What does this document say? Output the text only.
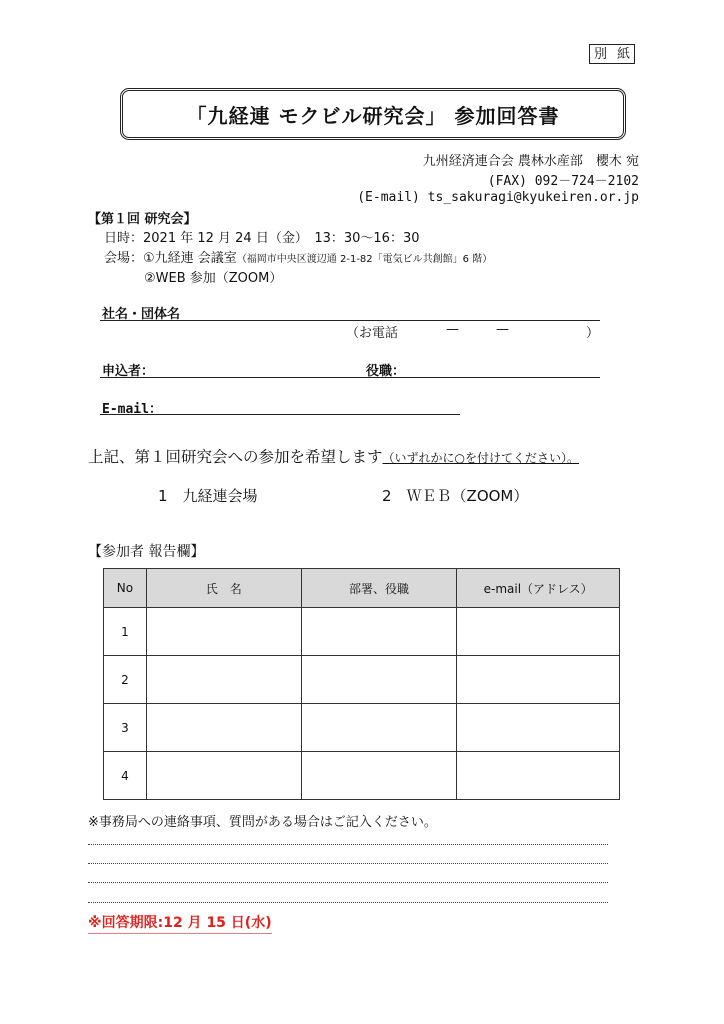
別紙
「九経連 モクビル研究会」 参加回答書
九州経済連合会 農林水産部　櫻木 宛
(FAX) 092－724－2102
(E-mail) ts_sakuragi@kyukeiren.or.jp
【第１回 研究会】
日時：2021 年 12 月 24 日（金）　13：30～16：30
会場：①九経連 会議室（福岡市中央区渡辺通 2-1-82「電気ビル共創館」6 階）
②WEB 参加（ZOOM）
社名・団体名
（お電話	—	—	）
申込者：	役職：
E-mail：
上記、第１回研究会への参加を希望します（いずれかに○を付けてください）。
1　九経連会場	2　ＷＥＢ（ZOOM）
【参加者 報告欄】
No	氏　名	部署、役職	e-mail（アドレス）
1			
2			
3			
4			
※事務局への連絡事項、質問がある場合はご記入ください。
※回答期限:12 月 15 日(水)
